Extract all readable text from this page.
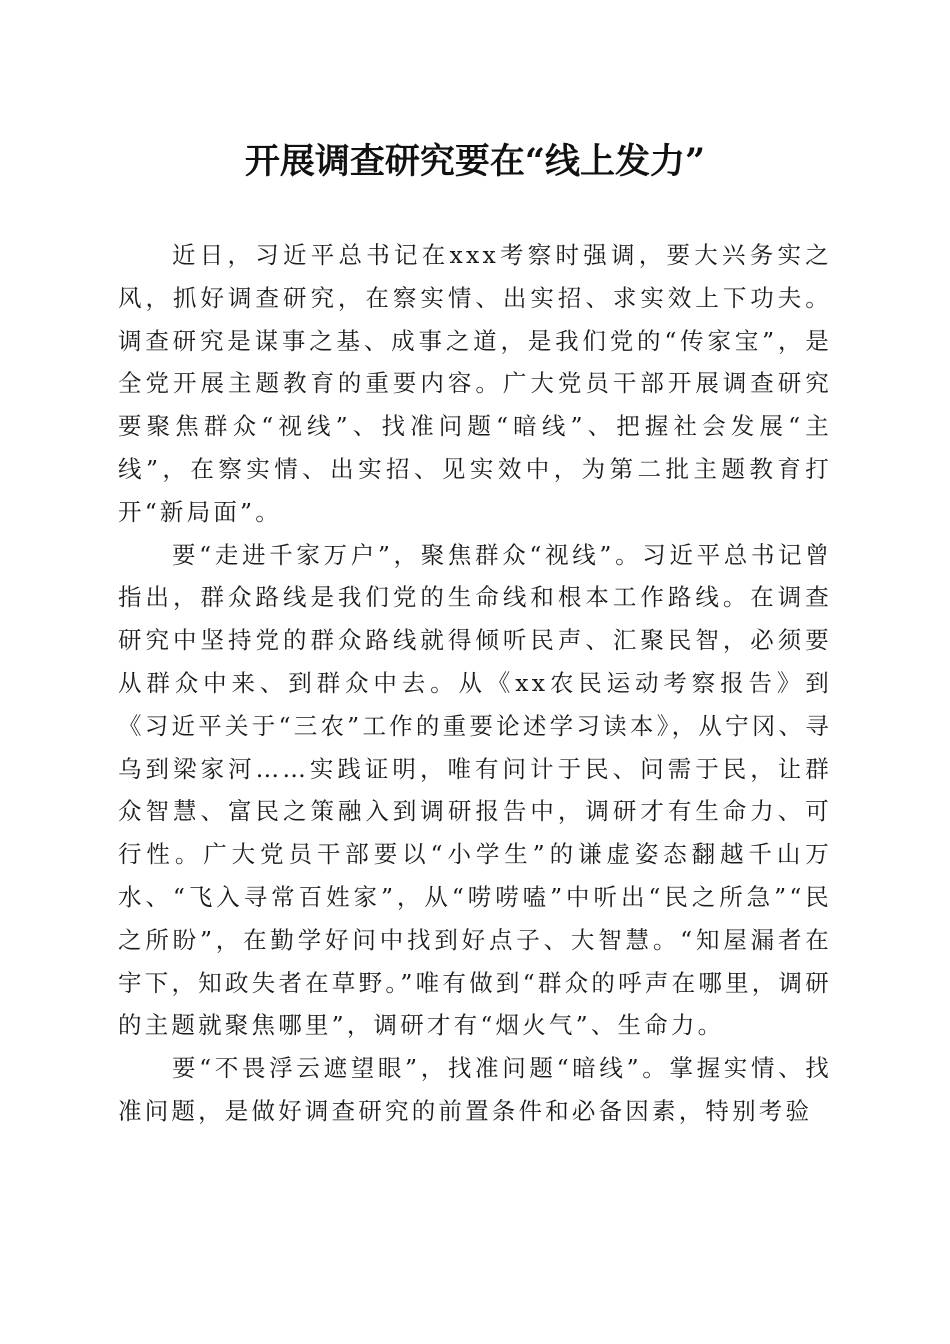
开展调查研究要在“线上发力”

近日，习近平总书记在xxx考察时强调，要大兴务实之风，抓好调查研究，在察实情、出实招、求实效上下功夫。调查研究是谋事之基、成事之道，是我们党的“传家宝”，是全党开展主题教育的重要内容。广大党员干部开展调查研究要聚焦群众“视线”、找准问题“暗线”、把握社会发展“主线”，在察实情、出实招、见实效中，为第二批主题教育打开“新局面”。

要“走进千家万户”，聚焦群众“视线”。习近平总书记曾指出，群众路线是我们党的生命线和根本工作路线。在调查研究中坚持党的群众路线就得倾听民声、汇聚民智，必须要从群众中来、到群众中去。从《xx农民运动考察报告》到《习近平关于“三农”工作的重要论述学习读本》，从宁冈、寻乌到梁家河……实践证明，唯有问计于民、问需于民，让群众智慧、富民之策融入到调研报告中，调研才有生命力、可行性。广大党员干部要以“小学生”的谦虚姿态翻越千山万水、“飞入寻常百姓家”，从“唠唠嗑”中听出“民之所急”“民之所盼”，在勤学好问中找到好点子、大智慧。“知屋漏者在宇下，知政失者在草野。”唯有做到“群众的呼声在哪里，调研的主题就聚焦哪里”，调研才有“烟火气”、生命力。

要“不畏浮云遮望眼”，找准问题“暗线”。掌握实情、找准问题，是做好调查研究的前置条件和必备因素，特别考验
